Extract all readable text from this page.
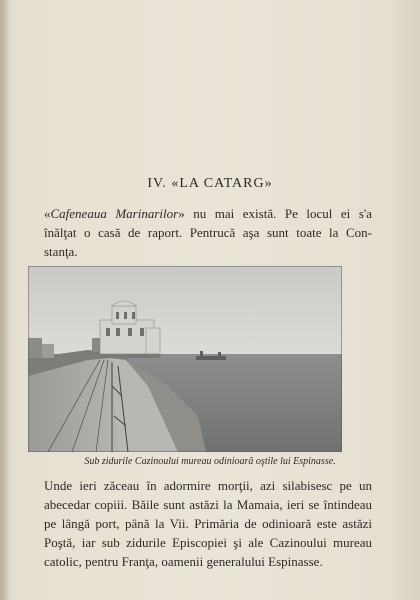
IV. «LA CATARG»
«Cafeneaua Marinarilor» nu mai există. Pe locul ei s'a
înălţat o casă de raport. Pentrucă aşa sunt toate la Con-
stanţa.
Sub zidurile Cazinoului mureau odinioară oştile lui Espinasse.
Unde ieri zăceau în adormire morţii, azi silabisesc pe un
abecedar copiii. Băile sunt astăzi la Mamaia, ieri se întindeau
pe lângă port, până la Vii. Primăria de odinioară este astăzi
Poştă, iar sub zidurile Episcopiei şi ale Cazinoului mureau
catolic, pentru Franţa, oamenii generalului Espinasse.
